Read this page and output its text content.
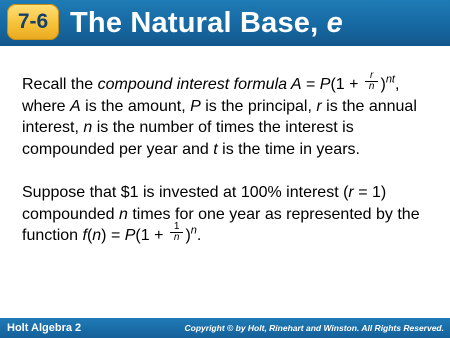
7-6 The Natural Base, e
Recall the compound interest formula $A = P(1 + \frac{r}{n} )^{nt}$, where A is the amount, P is the principal, r is the annual interest, n is the number of times the interest is compounded per year and t is the time in years.
Suppose that $1 is invested at 100% interest (r = 1) compounded n times for one year as represented by the function $f(n) = P(1 + \frac{1}{n} )^n$.
Holt Algebra 2	Copyright © by Holt, Rinehart and Winston. All Rights Reserved.
